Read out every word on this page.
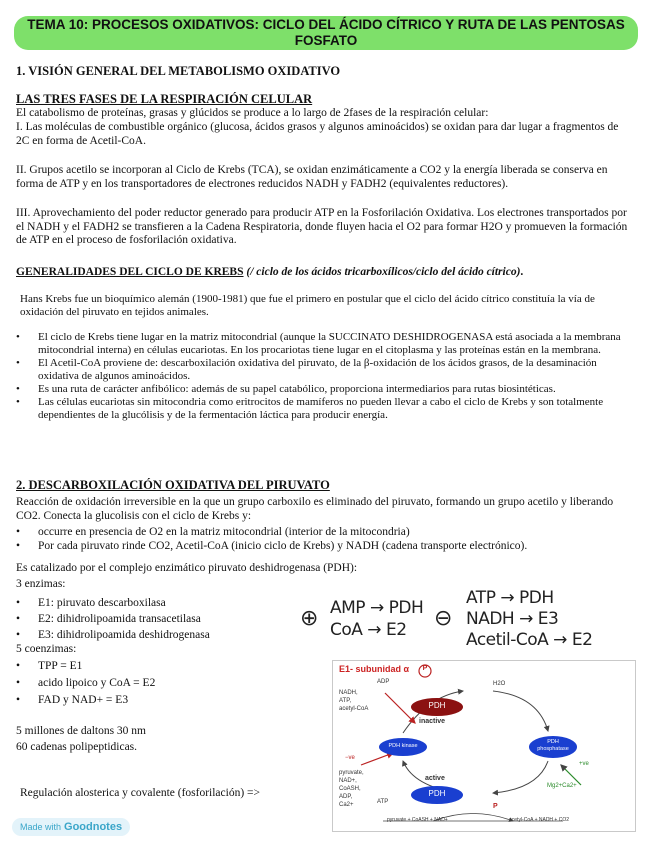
TEMA 10: PROCESOS OXIDATIVOS: CICLO DEL ÁCIDO CÍTRICO Y RUTA DE LAS PENTOSAS FOSFATO
1. VISIÓN GENERAL DEL METABOLISMO OXIDATIVO
LAS TRES FASES DE LA RESPIRACIÓN CELULAR
El catabolismo de proteínas, grasas y glúcidos se produce a lo largo de 2fases de la respiración celular:
I. Las moléculas de combustible orgánico (glucosa, ácidos grasos y algunos aminoácidos) se oxidan para dar lugar a fragmentos de 2C en forma de Acetil-CoA.
II. Grupos acetilo se incorporan al Ciclo de Krebs (TCA), se oxidan enzimáticamente a CO2 y la energía liberada se conserva en forma de ATP y en los transportadores de electrones reducidos NADH y FADH2 (equivalentes reductores).
III. Aprovechamiento del poder reductor generado para producir ATP en la Fosforilación Oxidativa. Los electrones transportados por el NADH y el FADH2 se transfieren a la Cadena Respiratoria, donde fluyen hacia el O2 para formar H2O y promueven la formación de ATP en el proceso de fosforilación oxidativa.
GENERALIDADES DEL CICLO DE KREBS (/ ciclo de los ácidos tricarboxílicos/ciclo del ácido cítrico).
Hans Krebs fue un bioquímico alemán (1900-1981) que fue el primero en postular que el ciclo del ácido cítrico constituía la vía de oxidación del piruvato en tejidos animales.
• El ciclo de Krebs tiene lugar en la matriz mitocondrial (aunque la SUCCINATO DESHIDROGENASA está asociada a la membrana mitocondrial interna) en células eucariotas. En los procariotas tiene lugar en el citoplasma y las proteínas están en la membrana.
• El Acetil-CoA proviene de: descarboxilación oxidativa del piruvato, de la β-oxidación de los ácidos grasos, de la desaminación oxidativa de algunos aminoácidos.
• Es una ruta de carácter anfibólico: además de su papel catabólico, proporciona intermediarios para rutas biosintéticas.
• Las células eucariotas sin mitocondria como eritrocitos de mamíferos no pueden llevar a cabo el ciclo de Krebs y son totalmente dependientes de la glucólisis y de la fermentación láctica para producir energía.
2. DESCARBOXILACIÓN OXIDATIVA DEL PIRUVATO
Reacción de oxidación irreversible en la que un grupo carboxilo es eliminado del piruvato, formando un grupo acetilo y liberando CO2. Conecta la glucolisis con el ciclo de Krebs y:
• occurre en presencia de O2 en la matriz mitocondrial (interior de la mitocondria)
• Por cada piruvato rinde CO2, Acetil-CoA (inicio ciclo de Krebs) y NADH (cadena transporte electrónico).
Es catalizado por el complejo enzimático piruvato deshidrogenasa (PDH):
3 enzimas:
• E1: piruvato descarboxilasa
• E2: dihidrolipoamida transacetilasa
• E3: dihidrolipoamida deshidrogenasa
5 coenzimas:
• TPP = E1
• acido lipoico y CoA = E2
• FAD y NAD+ = E3
5 millones de daltons 30 nm
60 cadenas polipeptidicas.
Regulación alosterica y covalente (fosforilación) =>
⊕ AMP → PDH
CoA → E2 ⊖
ATP → PDH
NADH → E3
Acetil-CoA → E2
E1- subunidad α P
ADP
NADH,
ATP,
acetyl-CoA	PDH
inactive
H2O
PDH kinase
PDH
phosphatase
−ve
+ve
pyruvate,
NAD+,
CoASH,
ADP,
Ca2+	ATP
PDH
active
Mg2+Ca2+
P
pyruvate + CoASH + NAD+	acetyl-CoA + NADH + CO2
Made with Goodnotes
